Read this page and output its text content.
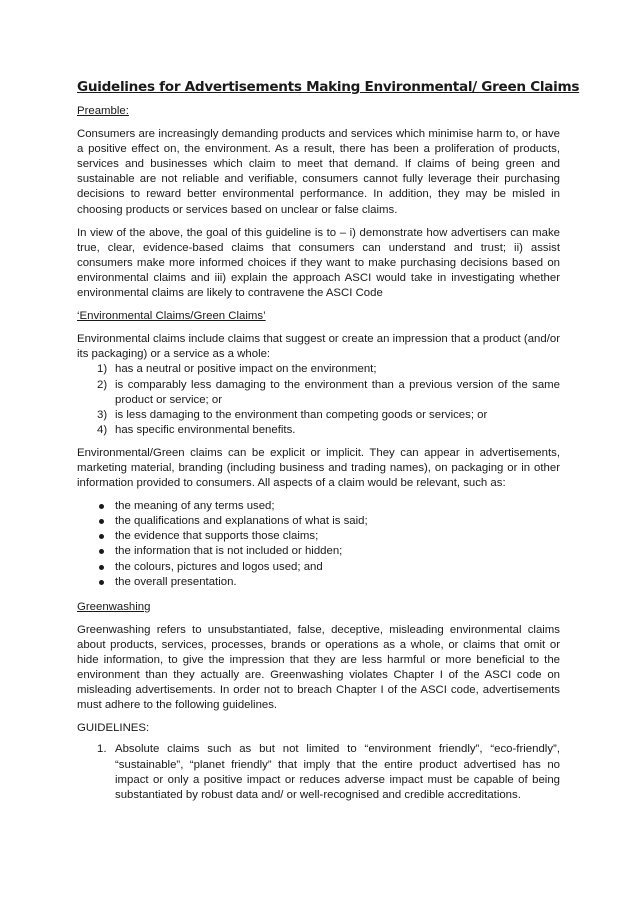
Guidelines for Advertisements Making Environmental/ Green Claims
Preamble:

Consumers are increasingly demanding products and services which minimise harm to, or have a positive effect on, the environment. As a result, there has been a proliferation of products, services and businesses which claim to meet that demand. If claims of being green and sustainable are not reliable and verifiable, consumers cannot fully leverage their purchasing decisions to reward better environmental performance. In addition, they may be misled in choosing products or services based on unclear or false claims.

In view of the above, the goal of this guideline is to – i) demonstrate how advertisers can make true, clear, evidence-based claims that consumers can understand and trust; ii) assist consumers make more informed choices if they want to make purchasing decisions based on environmental claims and iii) explain the approach ASCI would take in investigating whether environmental claims are likely to contravene the ASCI Code

‘Environmental Claims/Green Claims’

Environmental claims include claims that suggest or create an impression that a product (and/or its packaging) or a service as a whole:

1) has a neutral or positive impact on the environment;
2) is comparably less damaging to the environment than a previous version of the same product or service; or
3) is less damaging to the environment than competing goods or services; or
4) has specific environmental benefits.

Environmental/Green claims can be explicit or implicit. They can appear in advertisements, marketing material, branding (including business and trading names), on packaging or in other information provided to consumers. All aspects of a claim would be relevant, such as:

the meaning of any terms used;
the qualifications and explanations of what is said;
the evidence that supports those claims;
the information that is not included or hidden;
the colours, pictures and logos used; and
the overall presentation.
Greenwashing

Greenwashing refers to unsubstantiated, false, deceptive, misleading environmental claims about products, services, processes, brands or operations as a whole, or claims that omit or hide information, to give the impression that they are less harmful or more beneficial to the environment than they actually are. Greenwashing violates Chapter I of the ASCI code on misleading advertisements. In order not to breach Chapter I of the ASCI code, advertisements must adhere to the following guidelines.

GUIDELINES:
1. Absolute claims such as but not limited to “environment friendly”, “eco-friendly”, “sustainable”, “planet friendly” that imply that the entire product advertised has no impact or only a positive impact or reduces adverse impact must be capable of being substantiated by robust data and/ or well-recognised and credible accreditations.
